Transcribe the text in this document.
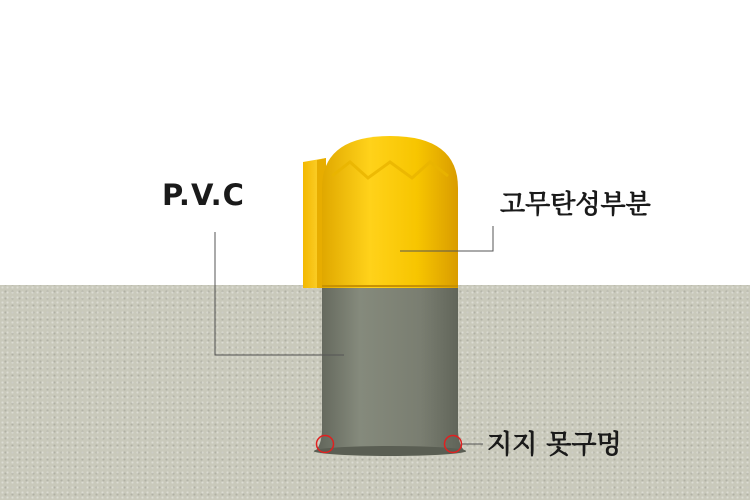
P.V.C	고무탄성부분
지지 못구멍
